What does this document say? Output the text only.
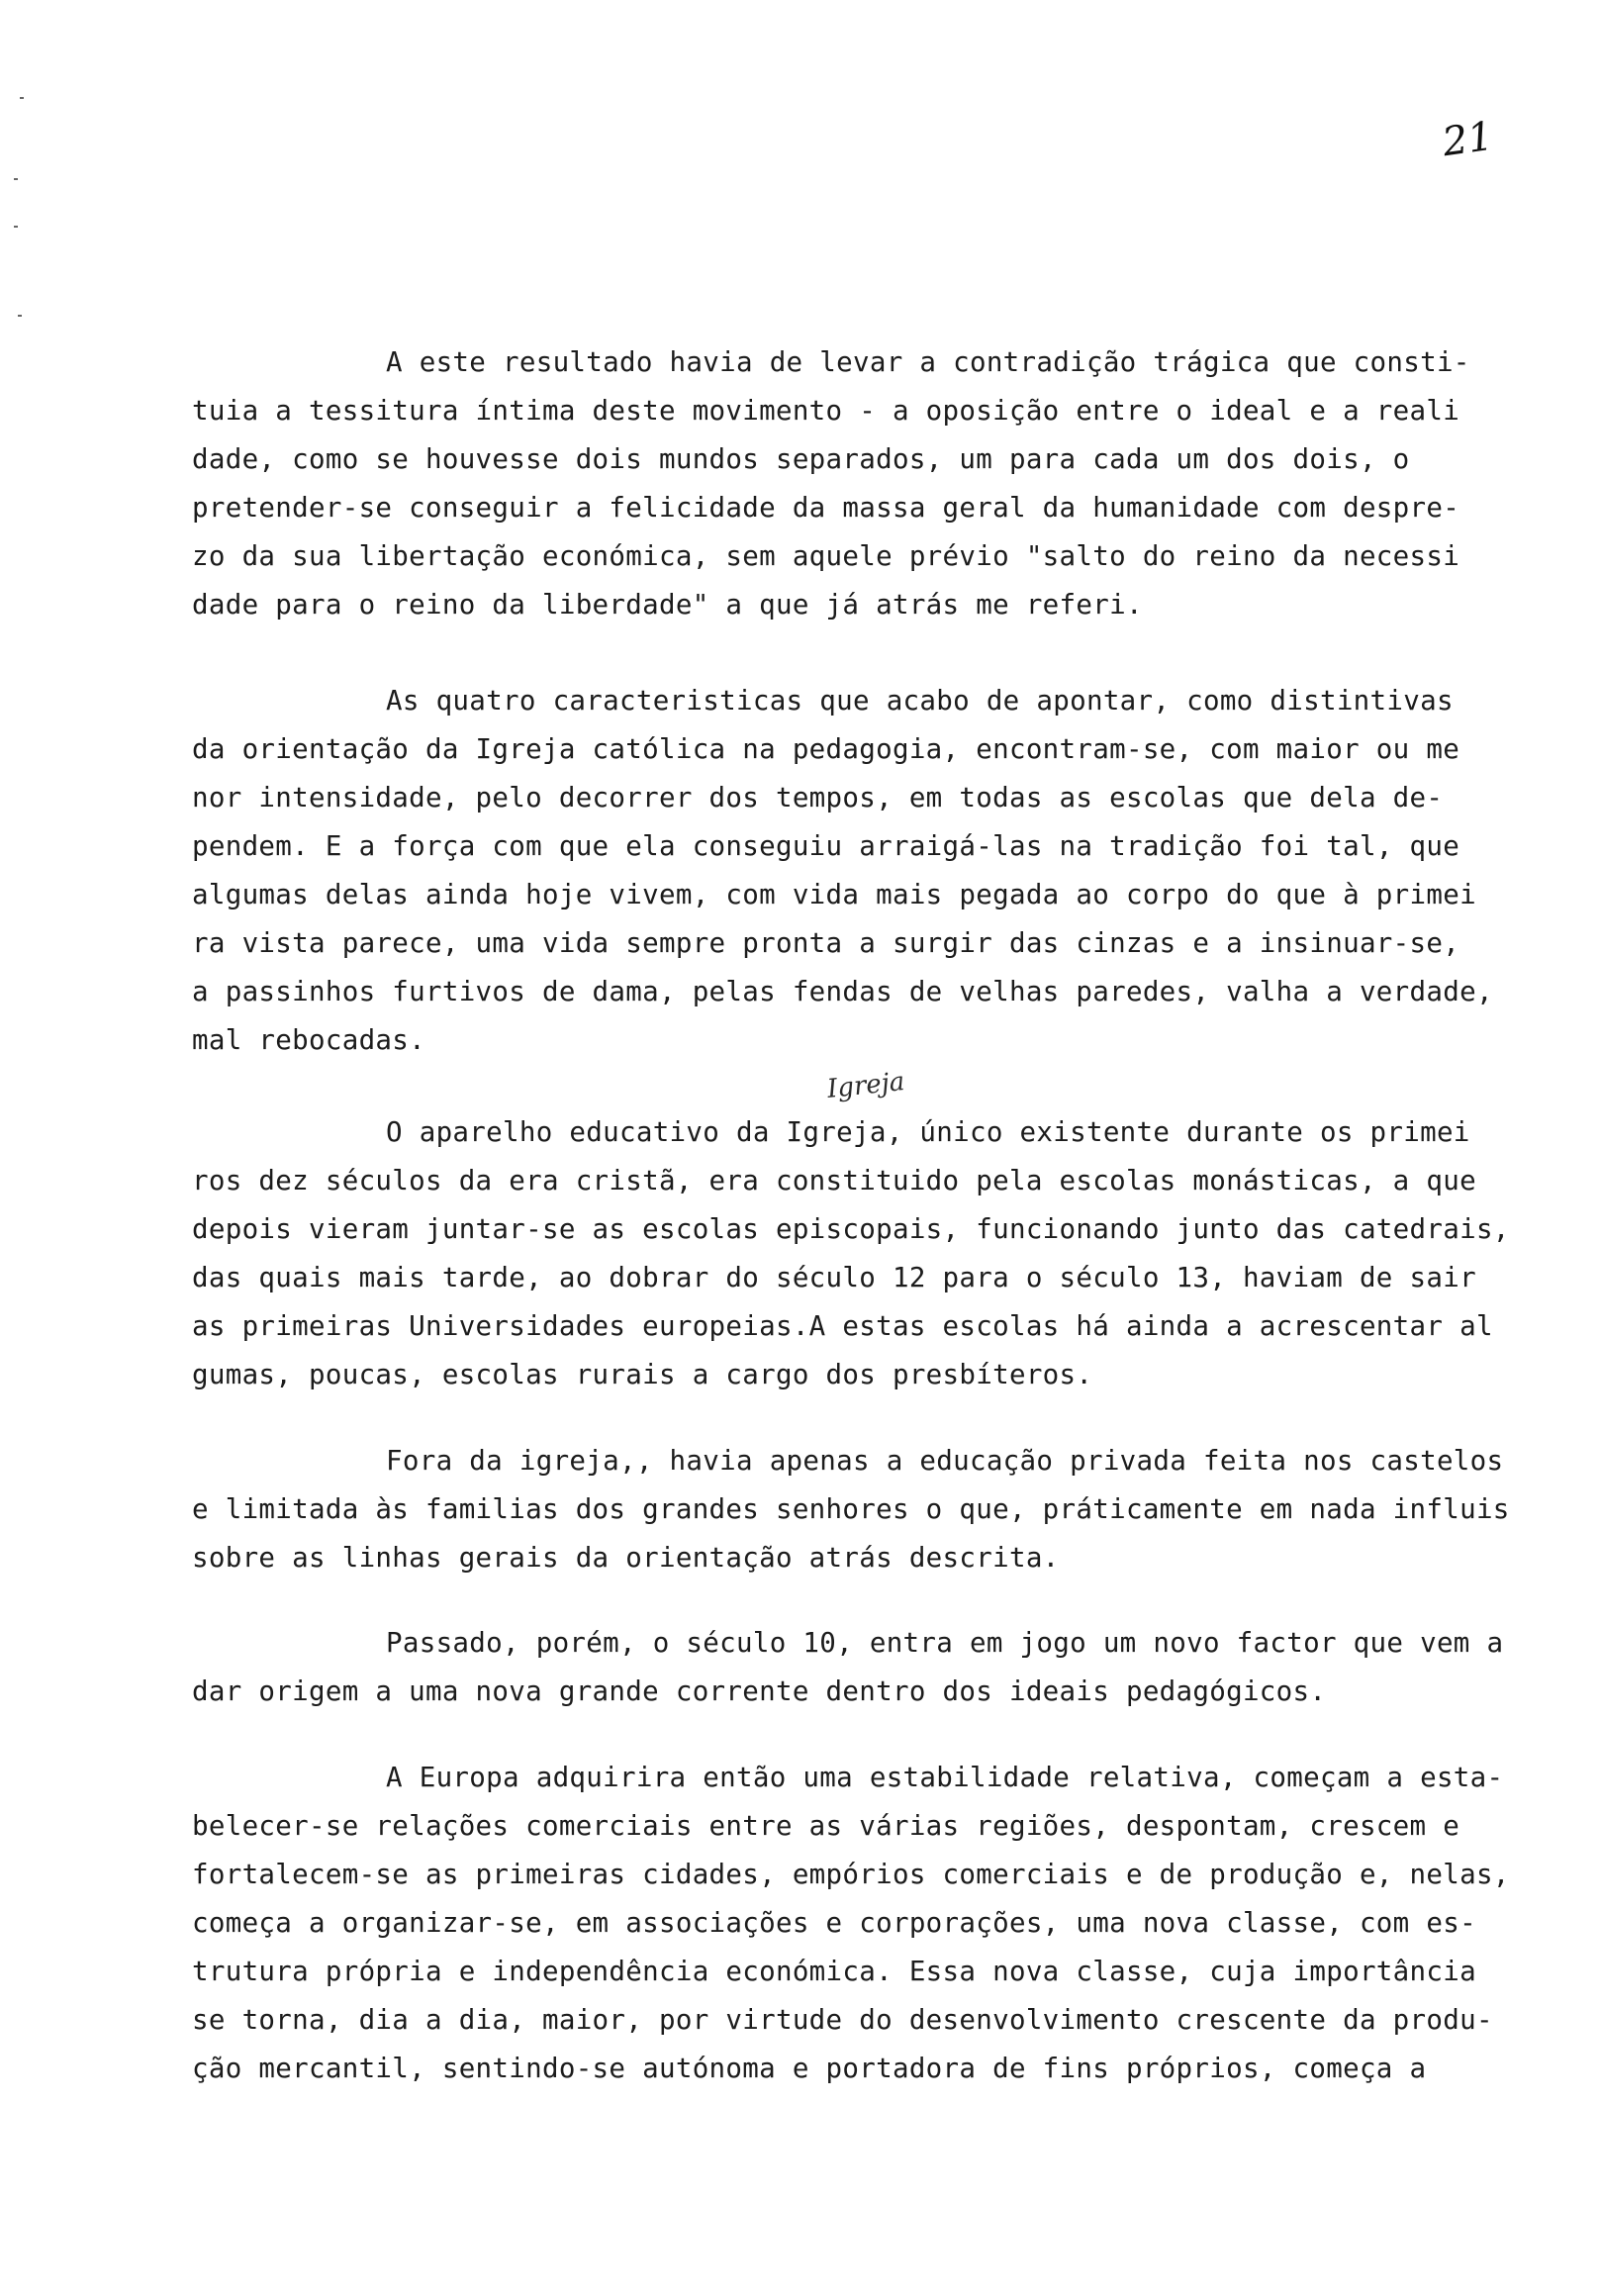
21
Igreja

A este resultado havia de levar a contradição trágica que consti-
tuia a tessitura íntima deste movimento - a oposição entre o ideal e a reali
dade, como se houvesse dois mundos separados, um para cada um dos dois, o
pretender-se conseguir a felicidade da massa geral da humanidade com despre-
zo da sua libertação económica, sem aquele prévio "salto do reino da necessi
dade para o reino da liberdade" a que já atrás me referi.

As quatro caracteristicas que acabo de apontar, como distintivas
da orientação da Igreja católica na pedagogia, encontram-se, com maior ou me
nor intensidade, pelo decorrer dos tempos, em todas as escolas que dela de-
pendem. E a força com que ela conseguiu arraigá-las na tradição foi tal, que
algumas delas ainda hoje vivem, com vida mais pegada ao corpo do que à primei
ra vista parece, uma vida sempre pronta a surgir das cinzas e a insinuar-se,
a passinhos furtivos de dama, pelas fendas de velhas paredes, valha a verdade,
mal rebocadas.

O aparelho educativo da Igreja, único existente durante os primei
ros dez séculos da era cristã, era constituido pela escolas monásticas, a que
depois vieram juntar-se as escolas episcopais, funcionando junto das catedrais,
das quais mais tarde, ao dobrar do século 12 para o século 13, haviam de sair
as primeiras Universidades europeias.A estas escolas há ainda a acrescentar al
gumas, poucas, escolas rurais a cargo dos presbíteros.

Fora da igreja,, havia apenas a educação privada feita nos castelos
e limitada às familias dos grandes senhores o que, práticamente em nada influis
sobre as linhas gerais da orientação atrás descrita.

Passado, porém, o século 10, entra em jogo um novo factor que vem a
dar origem a uma nova grande corrente dentro dos ideais pedagógicos.

A Europa adquirira então uma estabilidade relativa, começam a esta-
belecer-se relações comerciais entre as várias regiões, despontam, crescem e
fortalecem-se as primeiras cidades, empórios comerciais e de produção e, nelas,
começa a organizar-se, em associações e corporações, uma nova classe, com es-
trutura própria e independência económica. Essa nova classe, cuja importância
se torna, dia a dia, maior, por virtude do desenvolvimento crescente da produ-
ção mercantil, sentindo-se autónoma e portadora de fins próprios, começa a
